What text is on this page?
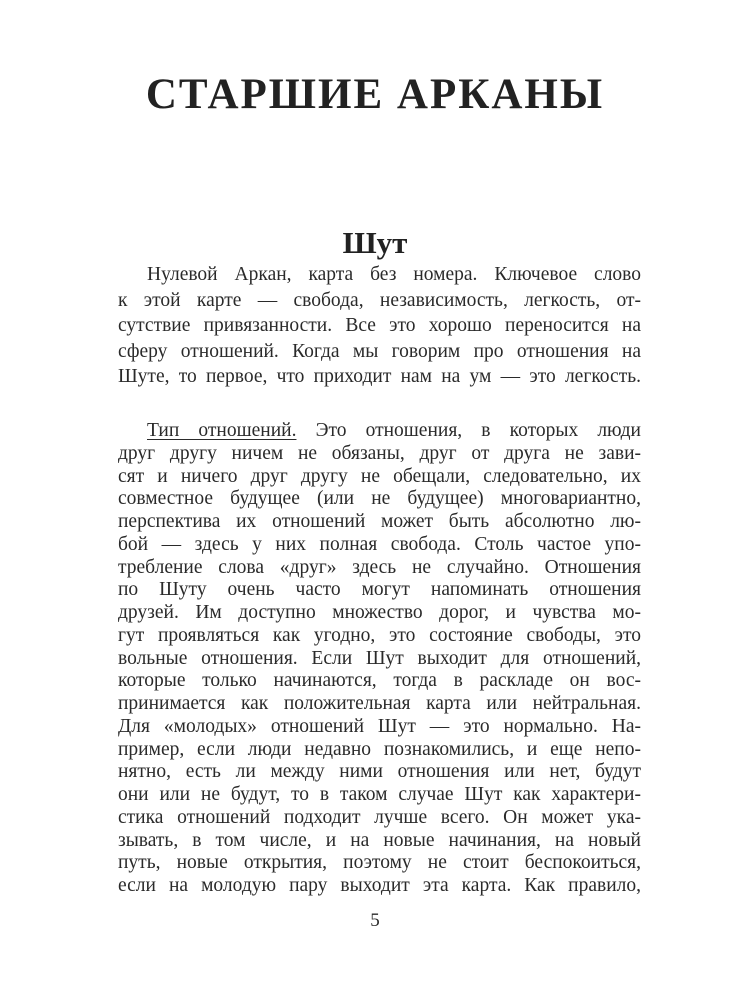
СТАРШИЕ АРКАНЫ
Шут
Нулевой Аркан, карта без номера. Ключевое слово
к этой карте — свобода, независимость, легкость, от-
сутствие привязанности. Все это хорошо переносится на
сферу отношений. Когда мы говорим про отношения на
Шуте, то первое, что приходит нам на ум — это легкость.
Тип отношений. Это отношения, в которых люди
друг другу ничем не обязаны, друг от друга не зави-
сят и ничего друг другу не обещали, следовательно, их
совместное будущее (или не будущее) многовариантно,
перспектива их отношений может быть абсолютно лю-
бой — здесь у них полная свобода. Столь частое упо-
требление слова «друг» здесь не случайно. Отношения
по Шуту очень часто могут напоминать отношения
друзей. Им доступно множество дорог, и чувства мо-
гут проявляться как угодно, это состояние свободы, это
вольные отношения. Если Шут выходит для отношений,
которые только начинаются, тогда в раскладе он вос-
принимается как положительная карта или нейтральная.
Для «молодых» отношений Шут — это нормально. На-
пример, если люди недавно познакомились, и еще непо-
нятно, есть ли между ними отношения или нет, будут
они или не будут, то в таком случае Шут как характери-
стика отношений подходит лучше всего. Он может ука-
зывать, в том числе, и на новые начинания, на новый
путь, новые открытия, поэтому не стоит беспокоиться,
если на молодую пару выходит эта карта. Как правило,
5
